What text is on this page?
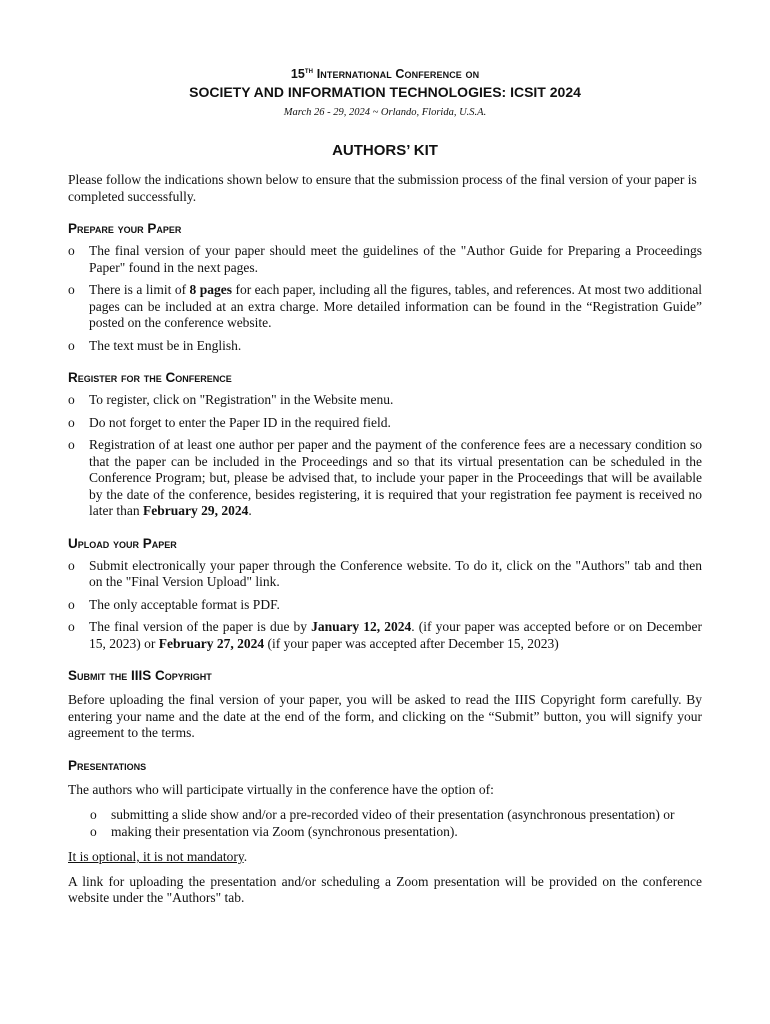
15th International Conference on
SOCIETY AND INFORMATION TECHNOLOGIES: ICSIT 2024
March 26 - 29, 2024 ~ Orlando, Florida, U.S.A.
AUTHORS’ KIT

Please follow the indications shown below to ensure that the submission process of the final version of your paper is completed successfully.

Prepare your Paper
o The final version of your paper should meet the guidelines of the "Author Guide for Preparing a Proceedings Paper" found in the next pages.
o There is a limit of 8 pages for each paper, including all the figures, tables, and references. At most two additional pages can be included at an extra charge. More detailed information can be found in the “Registration Guide” posted on the conference website.
o The text must be in English.
Register for the Conference
o To register, click on "Registration" in the Website menu.
o Do not forget to enter the Paper ID in the required field.
o Registration of at least one author per paper and the payment of the conference fees are a necessary condition so that the paper can be included in the Proceedings and so that its virtual presentation can be scheduled in the Conference Program; but, please be advised that, to include your paper in the Proceedings that will be available by the date of the conference, besides registering, it is required that your registration fee payment is received no later than February 29, 2024.
Upload your Paper
o Submit electronically your paper through the Conference website. To do it, click on the "Authors" tab and then on the "Final Version Upload" link.
o The only acceptable format is PDF.
o The final version of the paper is due by January 12, 2024. (if your paper was accepted before or on December 15, 2023) or February 27, 2024 (if your paper was accepted after December 15, 2023)
Submit the IIIS Copyright

Before uploading the final version of your paper, you will be asked to read the IIIS Copyright form carefully. By entering your name and the date at the end of the form, and clicking on the “Submit” button, you will signify your agreement to the terms.

Presentations

The authors who will participate virtually in the conference have the option of:

o submitting a slide show and/or a pre-recorded video of their presentation (asynchronous presentation) or
o making their presentation via Zoom (synchronous presentation).

It is optional, it is not mandatory.

A link for uploading the presentation and/or scheduling a Zoom presentation will be provided on the conference website under the "Authors" tab.
